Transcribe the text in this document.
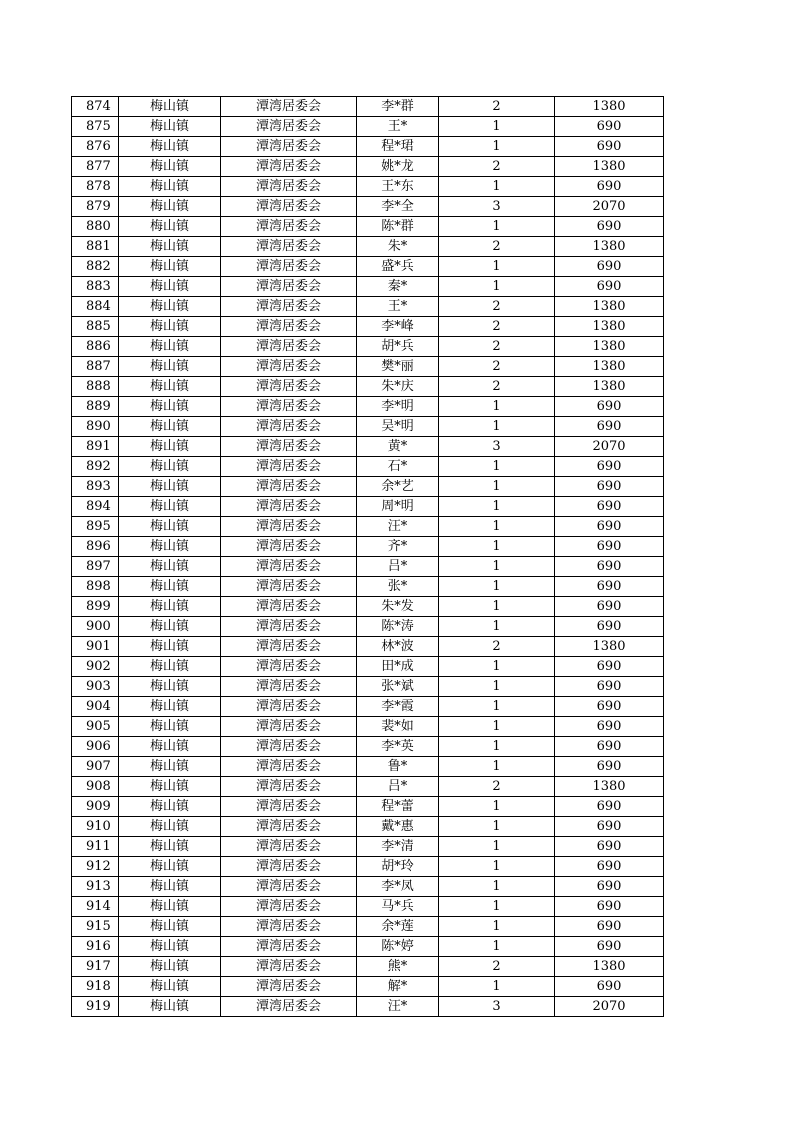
874	梅山镇	潭湾居委会	李*群	2	1380
875	梅山镇	潭湾居委会	王*	1	690
876	梅山镇	潭湾居委会	程*珺	1	690
877	梅山镇	潭湾居委会	姚*龙	2	1380
878	梅山镇	潭湾居委会	王*东	1	690
879	梅山镇	潭湾居委会	李*全	3	2070
880	梅山镇	潭湾居委会	陈*群	1	690
881	梅山镇	潭湾居委会	朱*	2	1380
882	梅山镇	潭湾居委会	盛*兵	1	690
883	梅山镇	潭湾居委会	秦*	1	690
884	梅山镇	潭湾居委会	王*	2	1380
885	梅山镇	潭湾居委会	李*峰	2	1380
886	梅山镇	潭湾居委会	胡*兵	2	1380
887	梅山镇	潭湾居委会	樊*丽	2	1380
888	梅山镇	潭湾居委会	朱*庆	2	1380
889	梅山镇	潭湾居委会	李*明	1	690
890	梅山镇	潭湾居委会	吴*明	1	690
891	梅山镇	潭湾居委会	黄*	3	2070
892	梅山镇	潭湾居委会	石*	1	690
893	梅山镇	潭湾居委会	余*艺	1	690
894	梅山镇	潭湾居委会	周*明	1	690
895	梅山镇	潭湾居委会	汪*	1	690
896	梅山镇	潭湾居委会	齐*	1	690
897	梅山镇	潭湾居委会	吕*	1	690
898	梅山镇	潭湾居委会	张*	1	690
899	梅山镇	潭湾居委会	朱*发	1	690
900	梅山镇	潭湾居委会	陈*涛	1	690
901	梅山镇	潭湾居委会	林*波	2	1380
902	梅山镇	潭湾居委会	田*成	1	690
903	梅山镇	潭湾居委会	张*斌	1	690
904	梅山镇	潭湾居委会	李*霞	1	690
905	梅山镇	潭湾居委会	裴*如	1	690
906	梅山镇	潭湾居委会	李*英	1	690
907	梅山镇	潭湾居委会	鲁*	1	690
908	梅山镇	潭湾居委会	吕*	2	1380
909	梅山镇	潭湾居委会	程*蕾	1	690
910	梅山镇	潭湾居委会	戴*惠	1	690
911	梅山镇	潭湾居委会	李*清	1	690
912	梅山镇	潭湾居委会	胡*玲	1	690
913	梅山镇	潭湾居委会	李*凤	1	690
914	梅山镇	潭湾居委会	马*兵	1	690
915	梅山镇	潭湾居委会	余*莲	1	690
916	梅山镇	潭湾居委会	陈*婷	1	690
917	梅山镇	潭湾居委会	熊*	2	1380
918	梅山镇	潭湾居委会	解*	1	690
919	梅山镇	潭湾居委会	汪*	3	2070
